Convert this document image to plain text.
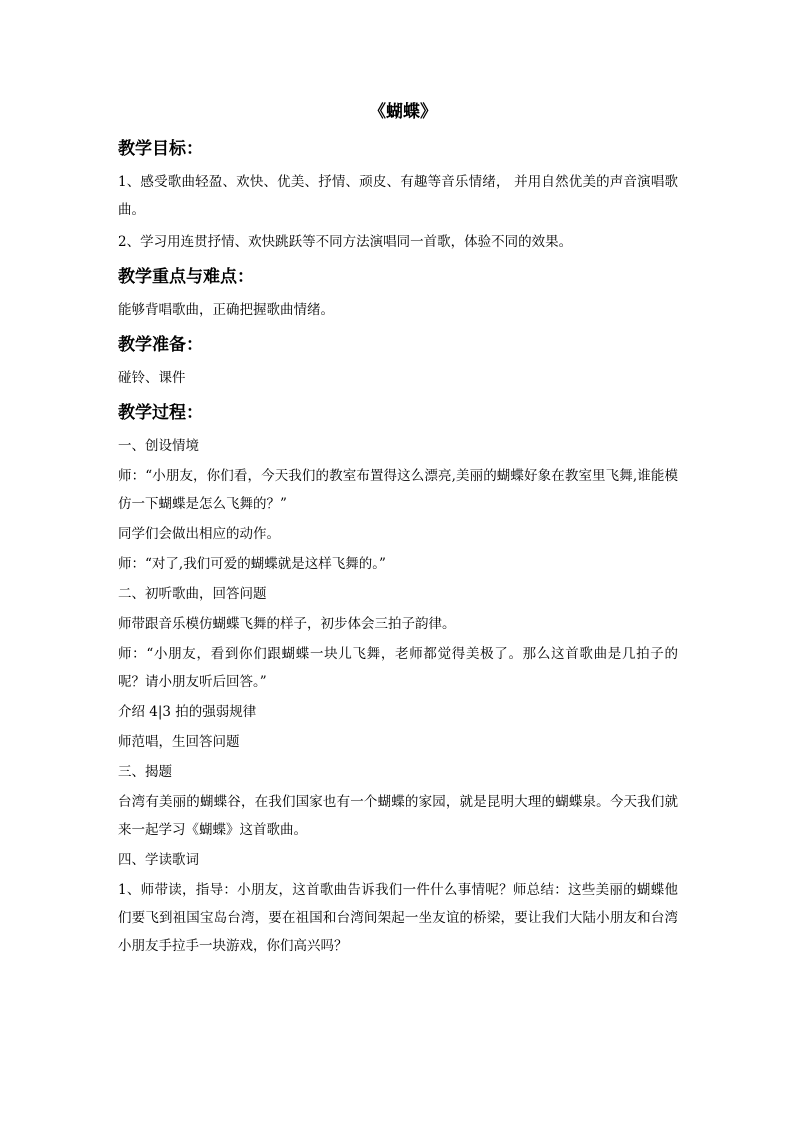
《蝴蝶》
教学目标：

1、感受歌曲轻盈、欢快、优美、抒情、顽皮、有趣等音乐情绪， 并用自然优美的声音演唱歌曲。

2、学习用连贯抒情、欢快跳跃等不同方法演唱同一首歌，体验不同的效果。

教学重点与难点：

能够背唱歌曲，正确把握歌曲情绪。

教学准备：

碰铃、课件

教学过程：

一、创设情境

师：“小朋友，你们看，今天我们的教室布置得这么漂亮,美丽的蝴蝶好象在教室里飞舞,谁能模仿一下蝴蝶是怎么飞舞的？”

同学们会做出相应的动作。

师：“对了,我们可爱的蝴蝶就是这样飞舞的。”

二、初听歌曲，回答问题

师带跟音乐模仿蝴蝶飞舞的样子，初步体会三拍子韵律。

师：“小朋友，看到你们跟蝴蝶一块儿飞舞，老师都觉得美极了。那么这首歌曲是几拍子的呢？请小朋友听后回答。”

介绍 4|3 拍的强弱规律

师范唱，生回答问题

三、揭题

台湾有美丽的蝴蝶谷，在我们国家也有一个蝴蝶的家园，就是昆明大理的蝴蝶泉。今天我们就来一起学习《蝴蝶》这首歌曲。

四、学读歌词

1、师带读，指导：小朋友，这首歌曲告诉我们一件什么事情呢？师总结：这些美丽的蝴蝶他们要飞到祖国宝岛台湾，要在祖国和台湾间架起一坐友谊的桥梁，要让我们大陆小朋友和台湾小朋友手拉手一块游戏，你们高兴吗？
